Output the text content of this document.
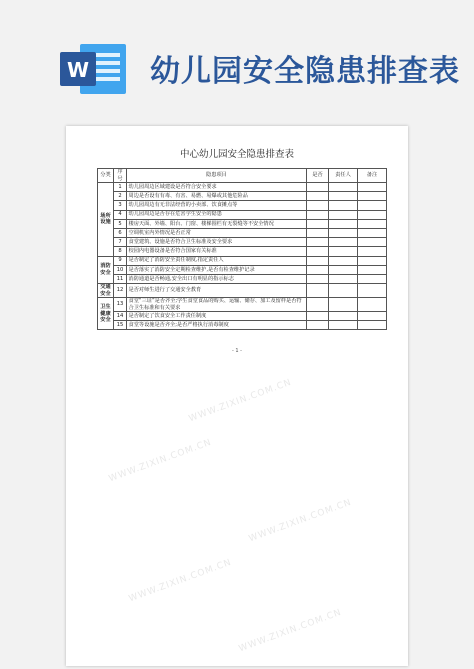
W 幼儿园安全隐患排查表
中心幼儿园安全隐患排查表
分类	序号	隐患项目	是否	责任人	备注

场所设施	1	幼儿园周边区域建设是否符合安全要求			
	2	周边是否设有有毒、有害、易燃、易爆或其他危险品			
	3	幼儿园周边有无非法经营的小卖部、饮食摊点等			
	4	幼儿园周边是否存在危害学生安全的隐患			
	5	楼房天面、外墙、阳台、门窗、楼梯围栏有无裂缝等不安全情况			
	6	空调机室内外情况是否正常			
	7	食堂建筑、设施是否符合卫生标准及安全要求			
	8	校园内电器设备是否符合国家有关标准			

消防安全	9	是否制定了消防安全责任制度,指定责任人			
	10	是否落实了消防安全定期检查维护,是否有检查维护记录			
	11	消防通道是否畅通,安全出口有明显的指示标志			

交通安全	12	是否对师生进行了交通安全教育			

卫生健康安全	13	食堂“三证”是否齐全;学生食堂食品的购买、运输、储存、加工及留样是否符合卫生标准和有关要求			
	14	是否制定了饮食安全工作责任制度			
	15	食堂等设施是否齐全;是否严格执行消毒制度			
- 1 -
WWW.ZIXIN.COM.CN
WWW.ZIXIN.COM.CN
WWW.ZIXIN.COM.CN
WWW.ZIXIN.COM.CN
WWW.ZIXIN.COM.CN
